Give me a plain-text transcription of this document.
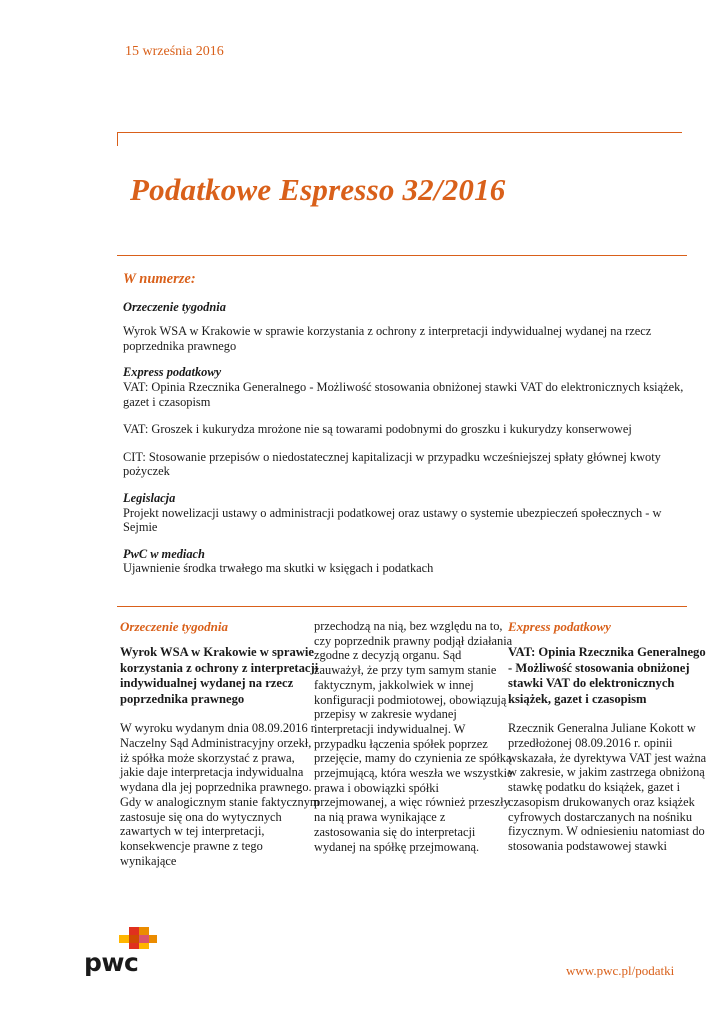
15 września 2016
Podatkowe Espresso 32/2016
W numerze:

Orzeczenie tygodnia

Wyrok WSA w Krakowie w sprawie korzystania z ochrony z interpretacji indywidualnej wydanej na rzecz poprzednika prawnego

Express podatkowy

VAT: Opinia Rzecznika Generalnego - Możliwość stosowania obniżonej stawki VAT do elektronicznych książek, gazet i czasopism

VAT: Groszek i kukurydza mrożone nie są towarami podobnymi do groszku i kukurydzy konserwowej

CIT: Stosowanie przepisów o niedostatecznej kapitalizacji w przypadku wcześniejszej spłaty głównej kwoty pożyczek

Legislacja

Projekt nowelizacji ustawy o administracji podatkowej oraz ustawy o systemie ubezpieczeń społecznych - w Sejmie

PwC w mediach

Ujawnienie środka trwałego ma skutki w księgach i podatkach

Orzeczenie tygodnia
Wyrok WSA w Krakowie w sprawie korzystania z ochrony z interpretacji indywidualnej wydanej na rzecz poprzednika prawnego

W wyroku wydanym dnia 08.09.2016 r. Naczelny Sąd Administracyjny orzekł, iż spółka może skorzystać z prawa, jakie daje interpretacja indywidualna wydana dla jej poprzednika prawnego. Gdy w analogicznym stanie faktycznym zastosuje się ona do wytycznych zawartych w tej interpretacji, konsekwencje prawne z tego wynikające

przechodzą na nią, bez względu na to, czy poprzednik prawny podjął działania zgodne z decyzją organu. Sąd zauważył, że przy tym samym stanie faktycznym, jakkolwiek w innej konfiguracji podmiotowej, obowiązują przepisy w zakresie wydanej interpretacji indywidualnej. W przypadku łączenia spółek poprzez przejęcie, mamy do czynienia ze spółką przejmującą, która weszła we wszystkie prawa i obowiązki spółki przejmowanej, a więc również przeszły na nią prawa wynikające z zastosowania się do interpretacji wydanej na spółkę przejmowaną.

Express podatkowy
VAT: Opinia Rzecznika Generalnego - Możliwość stosowania obniżonej stawki VAT do elektronicznych książek, gazet i czasopism

Rzecznik Generalna Juliane Kokott w przedłożonej 08.09.2016 r. opinii wskazała, że dyrektywa VAT jest ważna w zakresie, w jakim zastrzega obniżoną stawkę podatku do książek, gazet i czasopism drukowanych oraz książek cyfrowych dostarczanych na nośniku fizycznym. W odniesieniu natomiast do stosowania podstawowej stawki

pwc	www.pwc.pl/podatki
